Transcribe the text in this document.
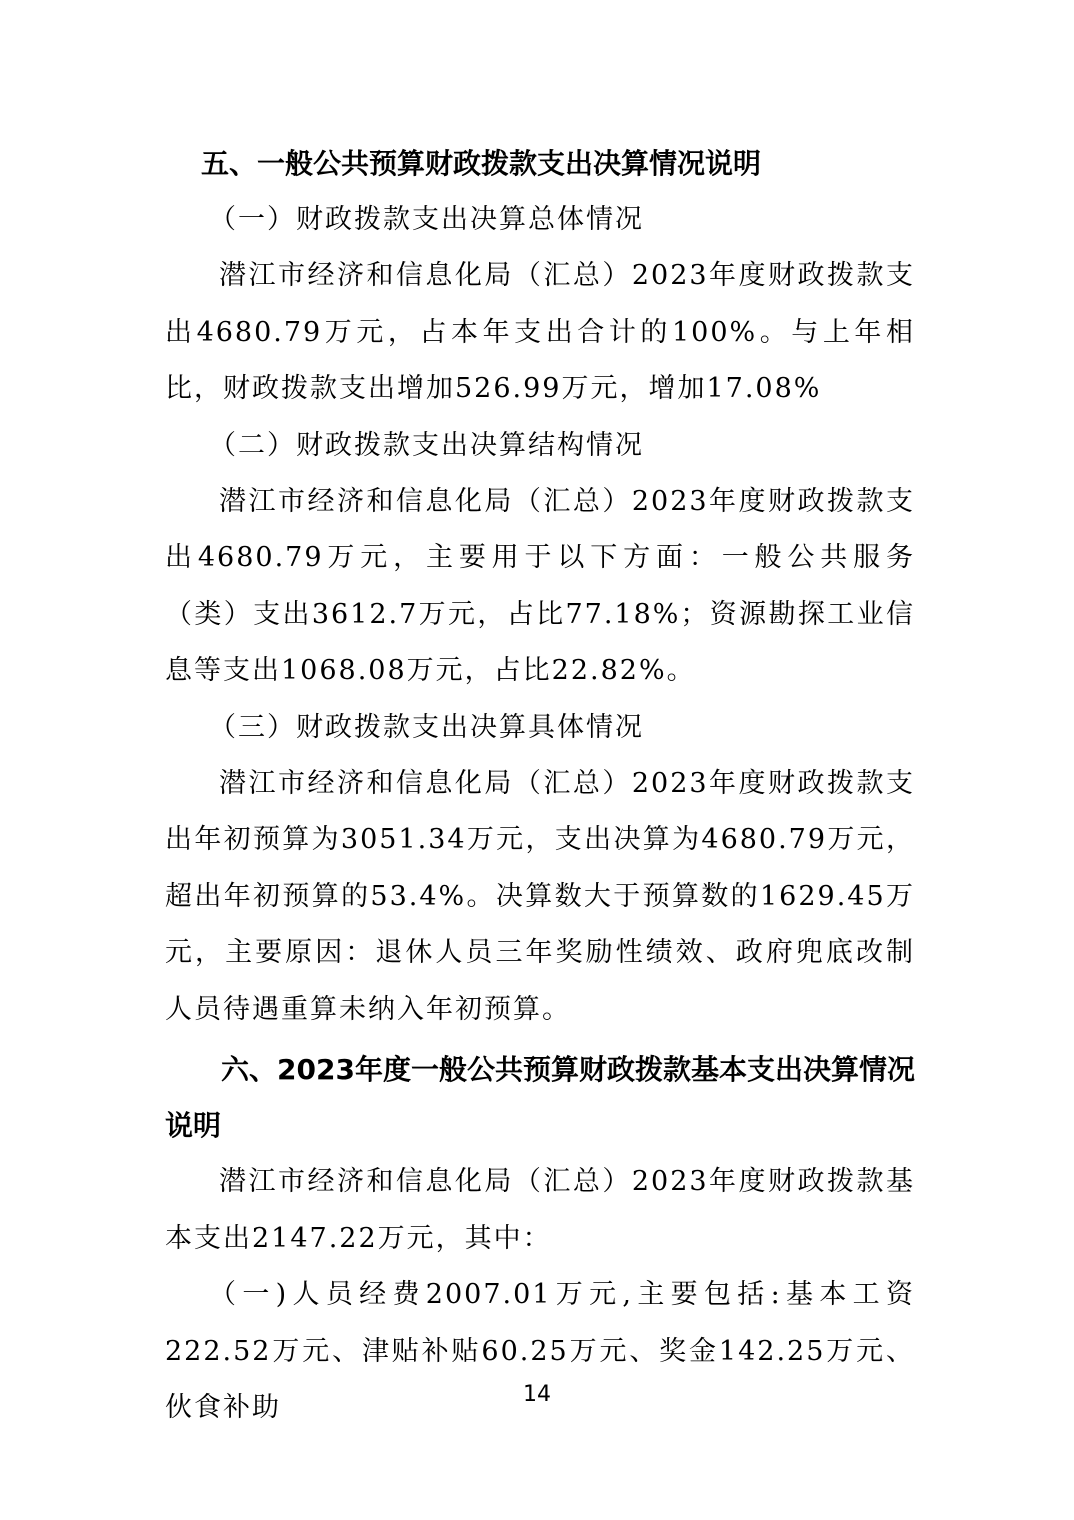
五、一般公共预算财政拨款支出决算情况说明

（一）财政拨款支出决算总体情况

潜江市经济和信息化局（汇总）2023年度财政拨款支出4680.79万元，占本年支出合计的100%。与上年相比，财政拨款支出增加526.99万元，增加17.08%

（二）财政拨款支出决算结构情况

潜江市经济和信息化局（汇总）2023年度财政拨款支出4680.79万元，主要用于以下方面：一般公共服务（类）支出3612.7万元，占比77.18%；资源勘探工业信息等支出1068.08万元，占比22.82%。

（三）财政拨款支出决算具体情况

潜江市经济和信息化局（汇总）2023年度财政拨款支出年初预算为3051.34万元，支出决算为4680.79万元，超出年初预算的53.4%。决算数大于预算数的1629.45万元，主要原因：退休人员三年奖励性绩效、政府兜底改制人员待遇重算未纳入年初预算。

六、2023年度一般公共预算财政拨款基本支出决算情况说明

潜江市经济和信息化局（汇总）2023年度财政拨款基本支出2147.22万元，其中：

（一)人员经费2007.01万元,主要包括:基本工资222.52万元、津贴补贴60.25万元、奖金142.25万元、伙食补助	14
